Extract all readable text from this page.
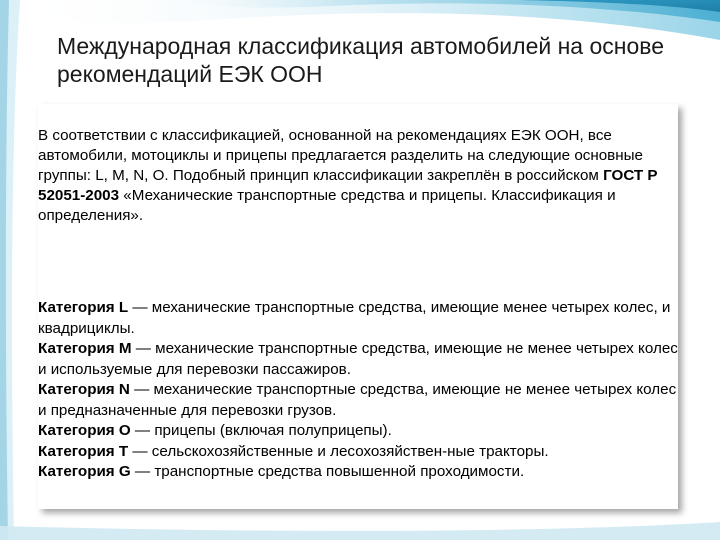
Международная классификация автомобилей на основе рекомендаций ЕЭК ООН
В соответствии с классификацией, основанной на рекомендациях ЕЭК ООН, все автомобили, мотоциклы и прицепы предлагается разделить на следующие основные группы: L, M, N, O. Подобный принцип классификации закреплён в российском ГОСТ Р 52051‑2003 «Механические транспортные средства и прицепы. Классификация и определения».
Категория L — механические транспортные средства, имеющие менее четырех колес, и квадрициклы.
Категория M — механические транспортные средства, имеющие не менее четырех колес и используемые для перевозки пассажиров.
Категория N — механические транспортные средства, имеющие не менее четырех колес и предназначенные для перевозки грузов.
Категория O — прицепы (включая полуприцепы).
Категория T — сельскохозяйственные и лесохозяйствен-ные тракторы.
Категория G — транспортные средства повышенной проходимости.
